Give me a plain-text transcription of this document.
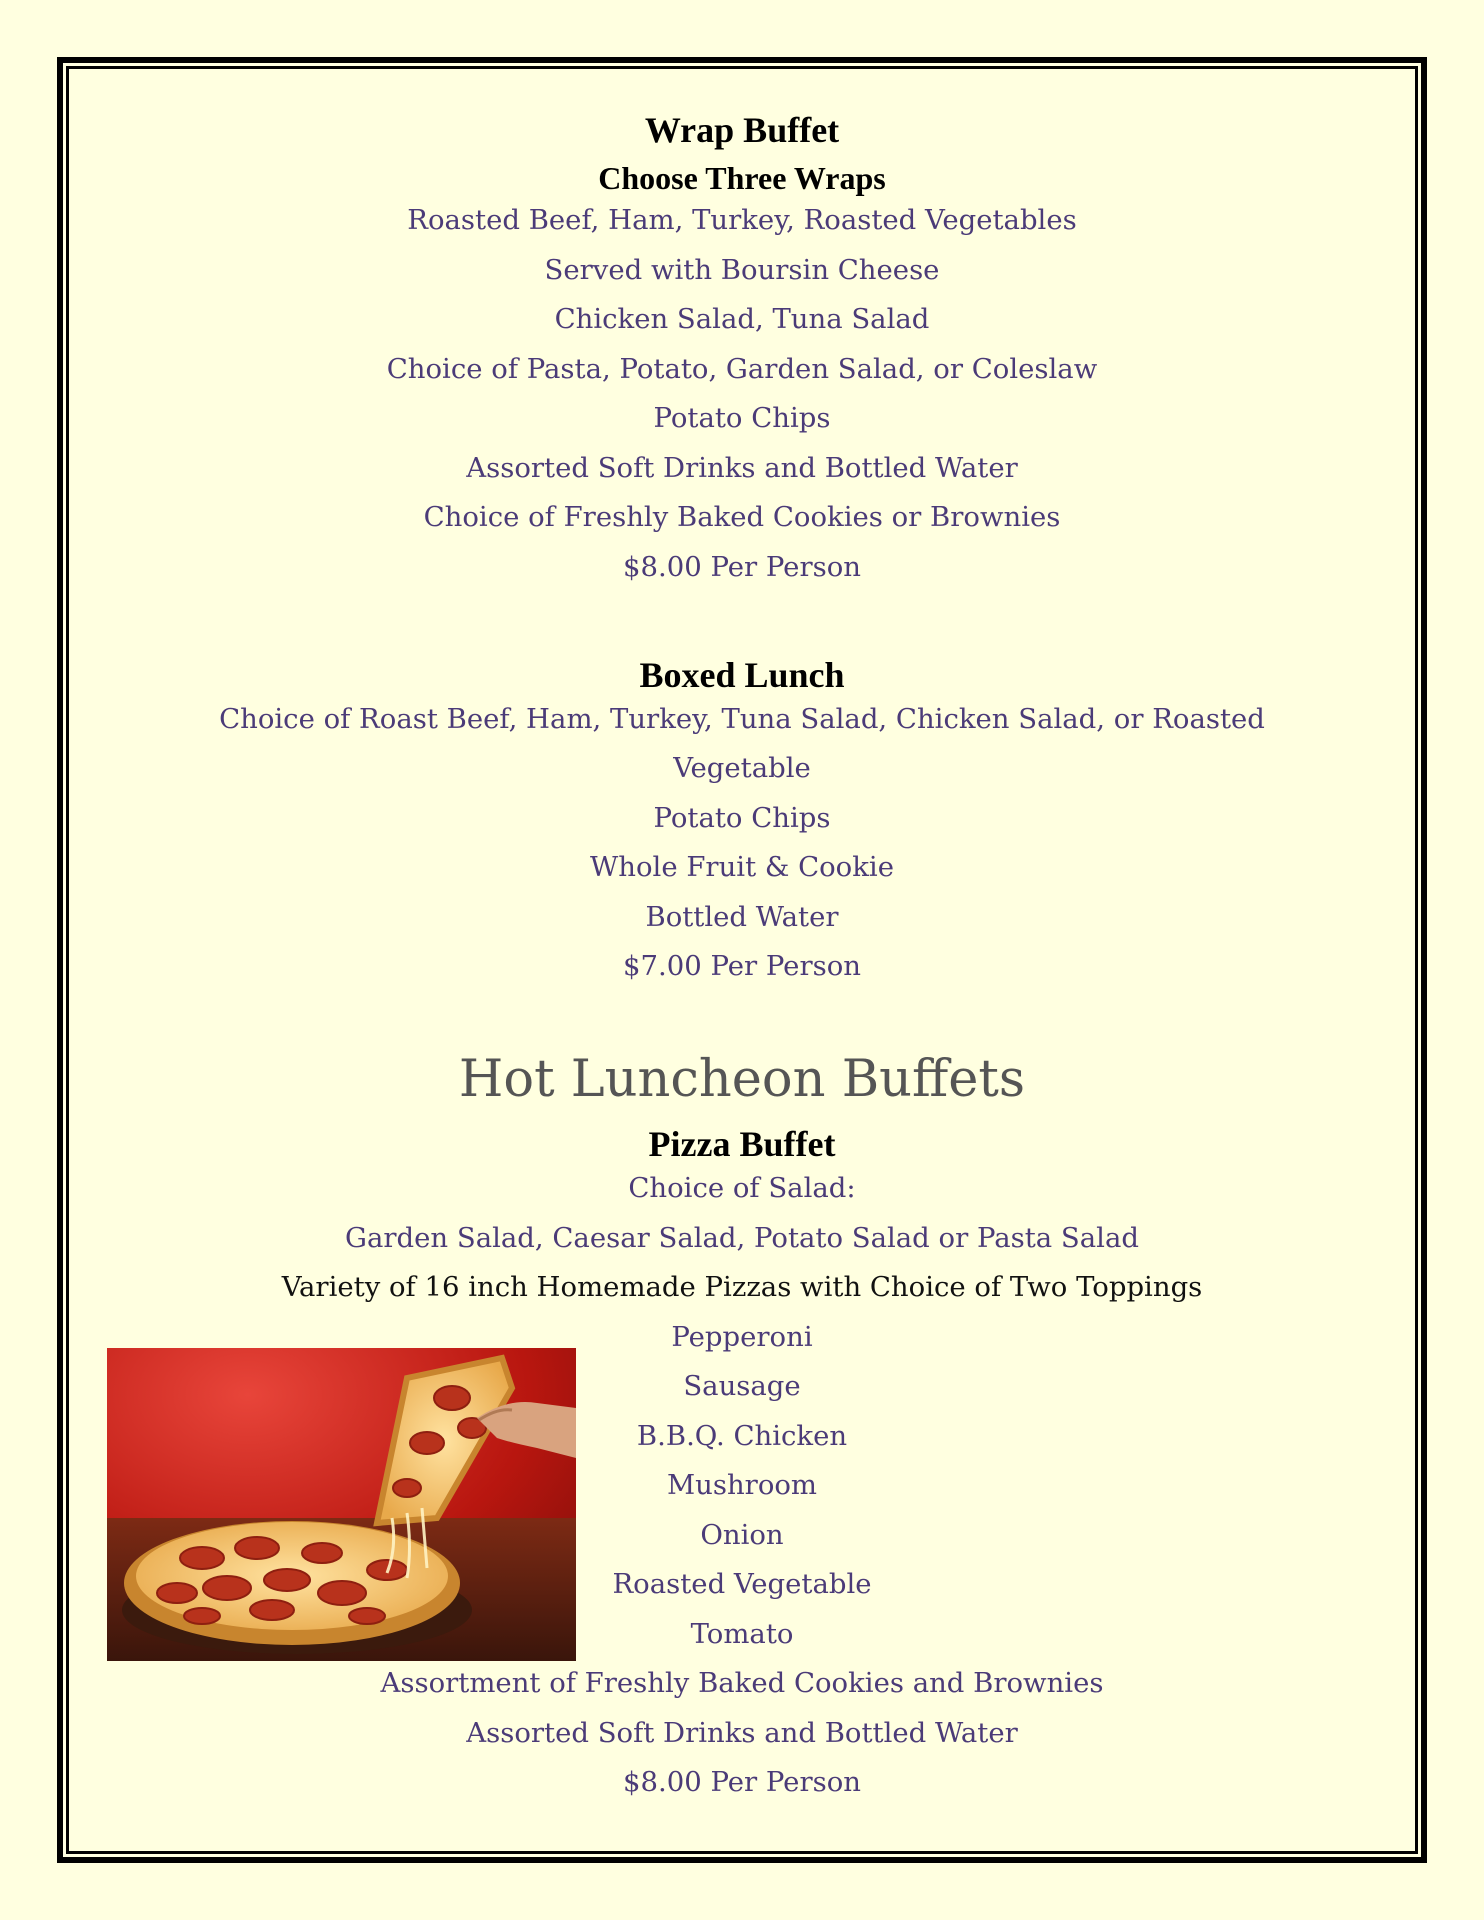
Wrap Buffet
Choose Three Wraps
Roasted Beef, Ham, Turkey, Roasted Vegetables
Served with Boursin Cheese
Chicken Salad, Tuna Salad
Choice of Pasta, Potato, Garden Salad, or Coleslaw
Potato Chips
Assorted Soft Drinks and Bottled Water
Choice of Freshly Baked Cookies or Brownies
$8.00 Per Person
Boxed Lunch
Choice of Roast Beef, Ham, Turkey, Tuna Salad, Chicken Salad, or Roasted
Vegetable
Potato Chips
Whole Fruit & Cookie
Bottled Water
$7.00 Per Person
Hot Luncheon Buffets
Pizza Buffet
Choice of Salad:
Garden Salad, Caesar Salad, Potato Salad or Pasta Salad
Variety of 16 inch Homemade Pizzas with Choice of Two Toppings
Pepperoni
Sausage
B.B.Q. Chicken
Mushroom
Onion
Roasted Vegetable
Tomato
Assortment of Freshly Baked Cookies and Brownies
Assorted Soft Drinks and Bottled Water
$8.00 Per Person
